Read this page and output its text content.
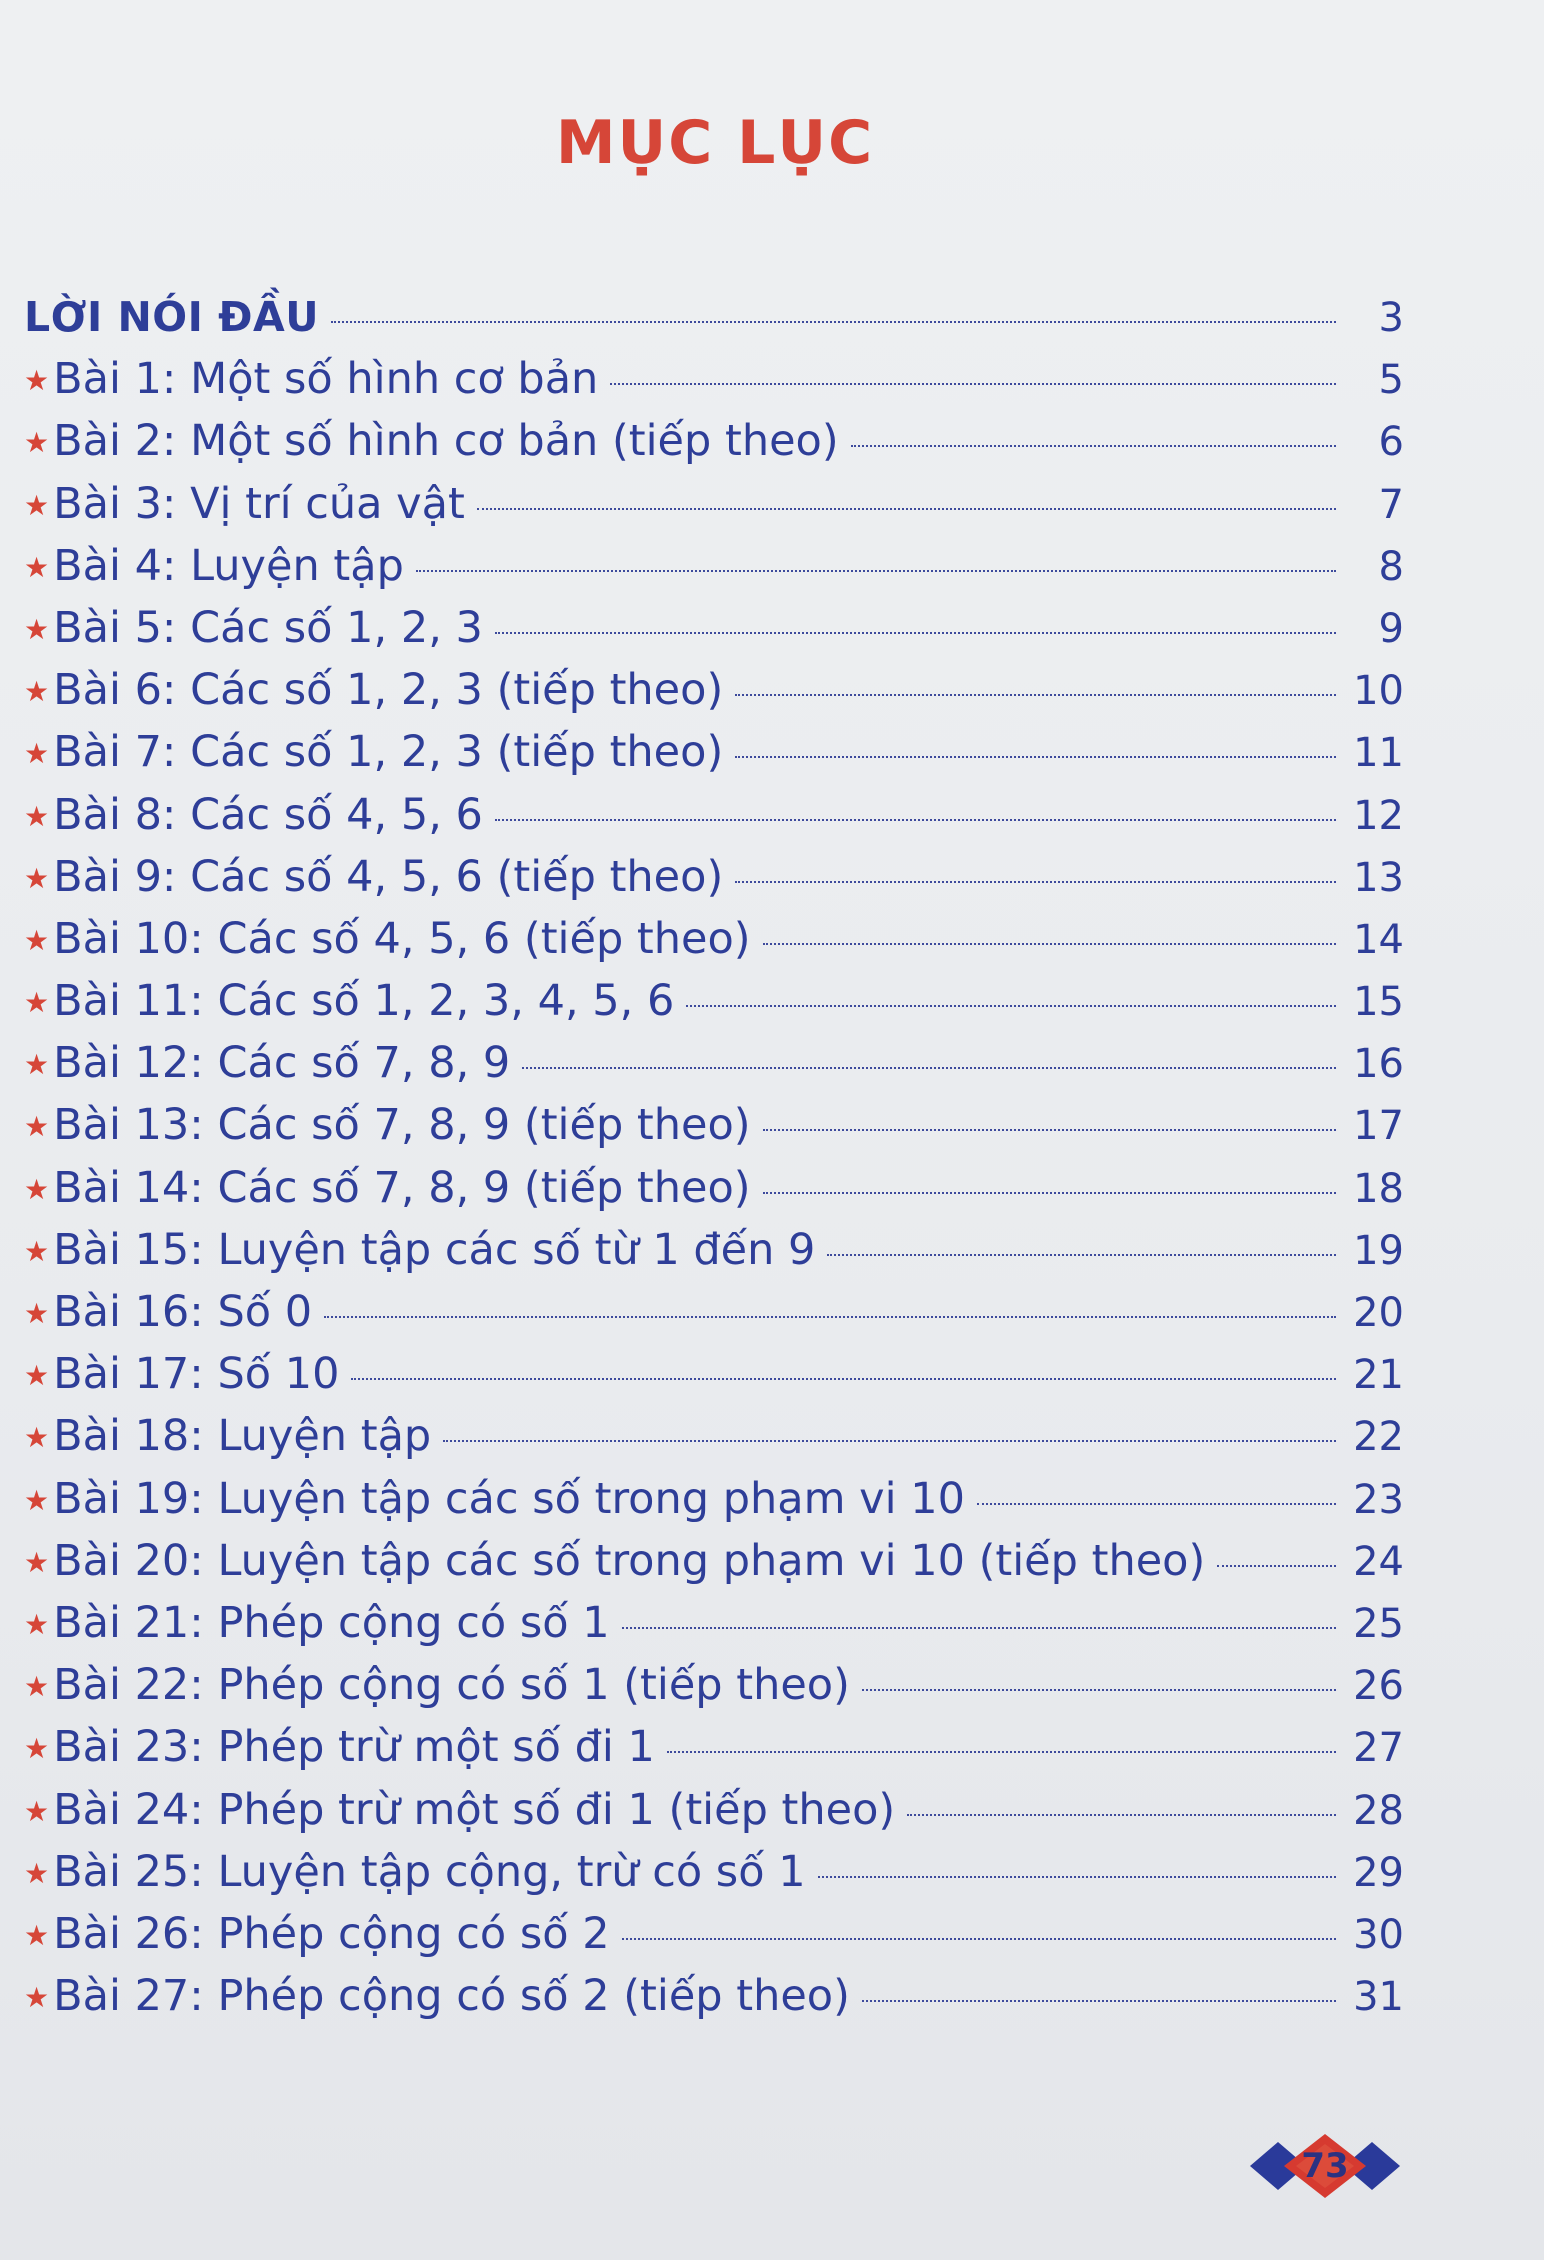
MỤC LỤC
LỜI NÓI ĐẦU	3
★ Bài 1: Một số hình cơ bản	5
★ Bài 2: Một số hình cơ bản (tiếp theo)	6
★ Bài 3: Vị trí của vật	7
★ Bài 4: Luyện tập	8
★ Bài 5: Các số 1, 2, 3	9
★ Bài 6: Các số 1, 2, 3 (tiếp theo)	10
★ Bài 7: Các số 1, 2, 3 (tiếp theo)	11
★ Bài 8: Các số 4, 5, 6	12
★ Bài 9: Các số 4, 5, 6 (tiếp theo)	13
★ Bài 10: Các số 4, 5, 6 (tiếp theo)	14
★ Bài 11: Các số 1, 2, 3, 4, 5, 6	15
★ Bài 12: Các số 7, 8, 9	16
★ Bài 13: Các số 7, 8, 9 (tiếp theo)	17
★ Bài 14: Các số 7, 8, 9 (tiếp theo)	18
★ Bài 15: Luyện tập các số từ 1 đến 9	19
★ Bài 16: Số 0	20
★ Bài 17: Số 10	21
★ Bài 18: Luyện tập	22
★ Bài 19: Luyện tập các số trong phạm vi 10	23
★ Bài 20: Luyện tập các số trong phạm vi 10 (tiếp theo)	24
★ Bài 21: Phép cộng có số 1	25
★ Bài 22: Phép cộng có số 1 (tiếp theo)	26
★ Bài 23: Phép trừ một số đi 1	27
★ Bài 24: Phép trừ một số đi 1 (tiếp theo)	28
★ Bài 25: Luyện tập cộng, trừ có số 1	29
★ Bài 26: Phép cộng có số 2	30
★ Bài 27: Phép cộng có số 2 (tiếp theo)	31
73
